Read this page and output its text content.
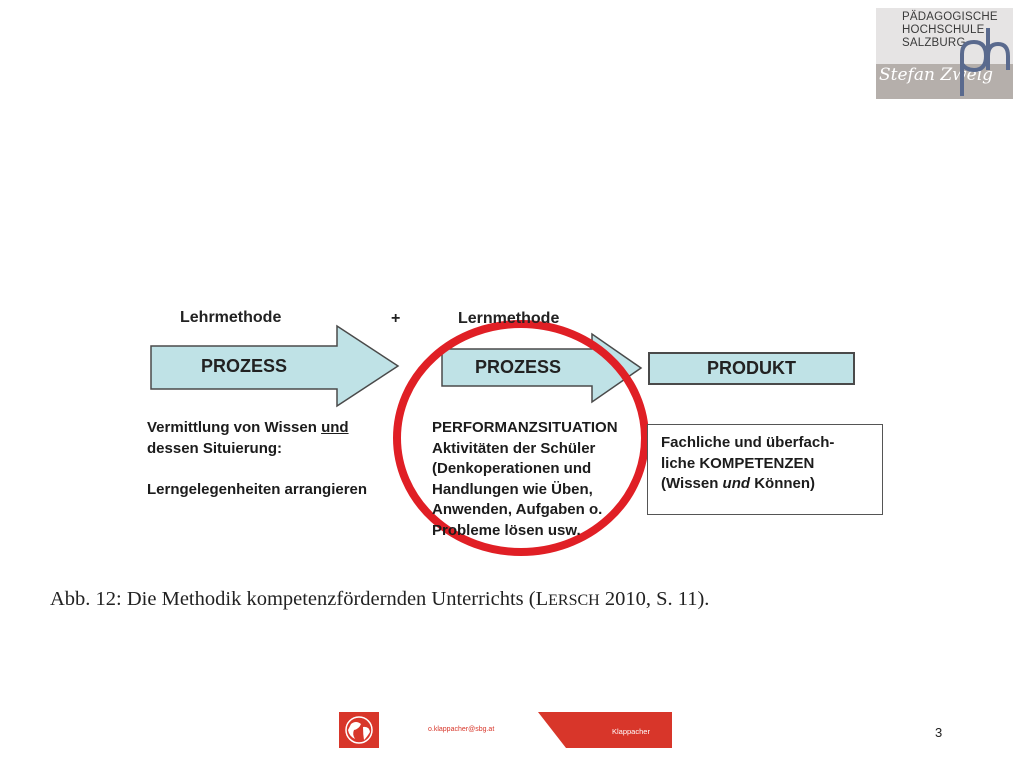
PÄDAGOGISCHE
HOCHSCHULE
SALZBURG
Stefan Zweig
Lehrmethode	+	Lernmethode
PROZESS	PROZESS	PRODUKT
Vermittlung von Wissen und
dessen Situierung:
Lerngelegenheiten arrangieren
PERFORMANZSITUATION
Aktivitäten der Schüler
(Denkoperationen und
Handlungen wie Üben,
Anwenden, Aufgaben o.
Probleme lösen usw.
Fachliche und überfach-
liche KOMPETENZEN
(Wissen und Können)
Abb. 12: Die Methodik kompetenzfördernden Unterrichts (LERSCH 2010, S. 11).
o.klappacher@sbg.at	Klappacher	3
